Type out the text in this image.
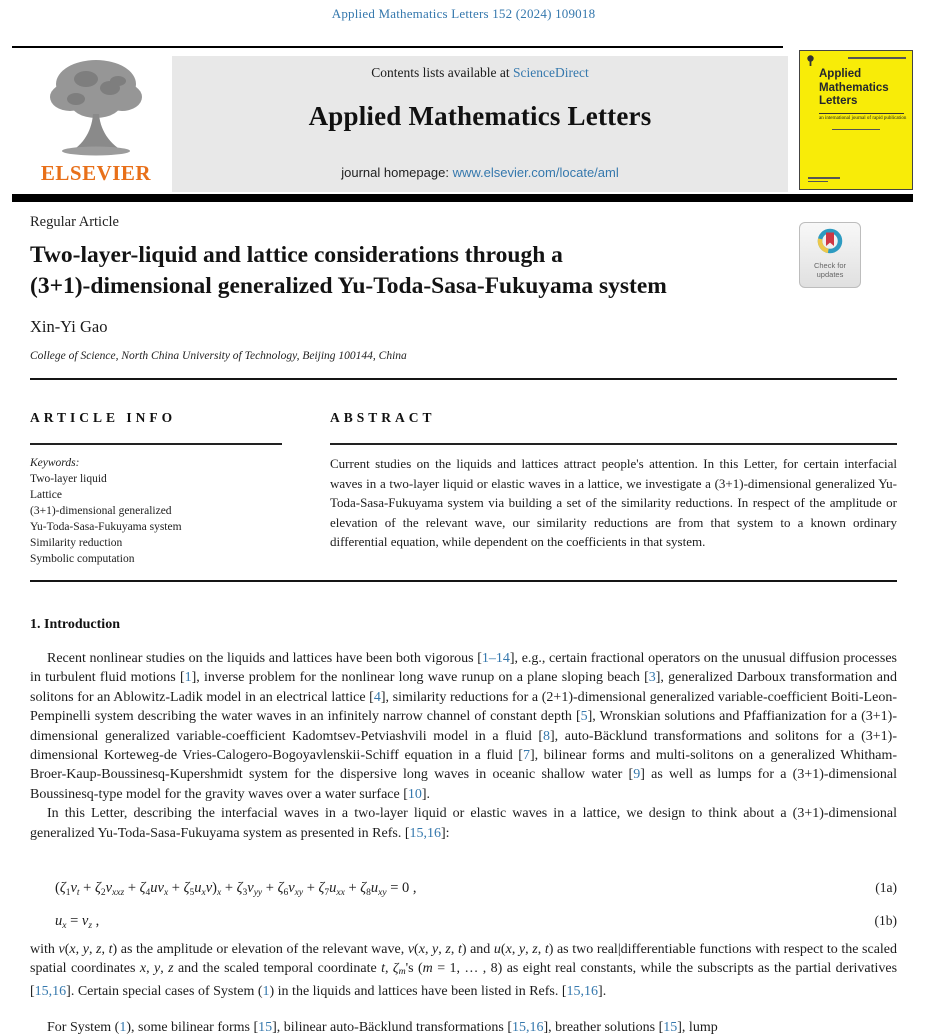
Applied Mathematics Letters 152 (2024) 109018
ELSEVIER
Contents lists available at ScienceDirect
Applied Mathematics Letters
journal homepage: www.elsevier.com/locate/aml
Applied
Mathematics
Letters
an international journal of rapid publication
Regular Article
Check for
updates
Two-layer-liquid and lattice considerations through a
(3+1)-dimensional generalized Yu-Toda-Sasa-Fukuyama system
Xin-Yi Gao
College of Science, North China University of Technology, Beijing 100144, China
ARTICLE INFO
Keywords:
Two-layer liquid
Lattice
(3+1)-dimensional generalized
Yu-Toda-Sasa-Fukuyama system
Similarity reduction
Symbolic computation
ABSTRACT
Current studies on the liquids and lattices attract people's attention. In this Letter, for certain interfacial waves in a two-layer liquid or elastic waves in a lattice, we investigate a (3+1)-dimensional generalized Yu-Toda-Sasa-Fukuyama system via building a set of the similarity reductions. In respect of the amplitude or elevation of the relevant wave, our similarity reductions are from that system to a known ordinary differential equation, while dependent on the coefficients in that system.
1. Introduction

Recent nonlinear studies on the liquids and lattices have been both vigorous [1–14], e.g., certain fractional operators on the unusual diffusion processes in turbulent fluid motions [1], inverse problem for the nonlinear long wave runup on a plane sloping beach [3], generalized Darboux transformation and solitons for an Ablowitz-Ladik model in an electrical lattice [4], similarity reductions for a (2+1)-dimensional generalized variable-coefficient Boiti-Leon-Pempinelli system describing the water waves in an infinitely narrow channel of constant depth [5], Wronskian solutions and Pfaffianization for a (3+1)-dimensional generalized variable-coefficient Kadomtsev-Petviashvili model in a fluid [8], auto-Bäcklund transformations and solitons for a (3+1)-dimensional Korteweg-de Vries-Calogero-Bogoyavlenskii-Schiff equation in a fluid [7], bilinear forms and multi-solitons on a generalized Whitham-Broer-Kaup-Boussinesq-Kupershmidt system for the dispersive long waves in oceanic shallow water [9] as well as lumps for a (3+1)-dimensional Boussinesq-type model for the gravity waves over a water surface [10].

In this Letter, describing the interfacial waves in a two-layer liquid or elastic waves in a lattice, we design to think about a (3+1)-dimensional generalized Yu-Toda-Sasa-Fukuyama system as presented in Refs. [15,16]:

$(\zeta_1v_t + \zeta_2v_{xxz} + \zeta_4uv_x + \zeta_5u_xv)_x + \zeta_3v_{yy} + \zeta_6v_{xy} + \zeta_7u_{xx} + \zeta_8u_{xy} = 0$ ,	(1a)
$u_x = v_z$ ,	(1b)

with v(x, y, z, t) as the amplitude or elevation of the relevant wave, v(x, y, z, t) and u(x, y, z, t) as two real|differentiable functions with respect to the scaled spatial coordinates x, y, z and the scaled temporal coordinate t, ζm's (m = 1, … , 8) as eight real constants, while the subscripts as the partial derivatives [15,16]. Certain special cases of System (1) in the liquids and lattices have been listed in Refs. [15,16].

For System (1), some bilinear forms [15], bilinear auto-Bäcklund transformations [15,16], breather solutions [15], lump
